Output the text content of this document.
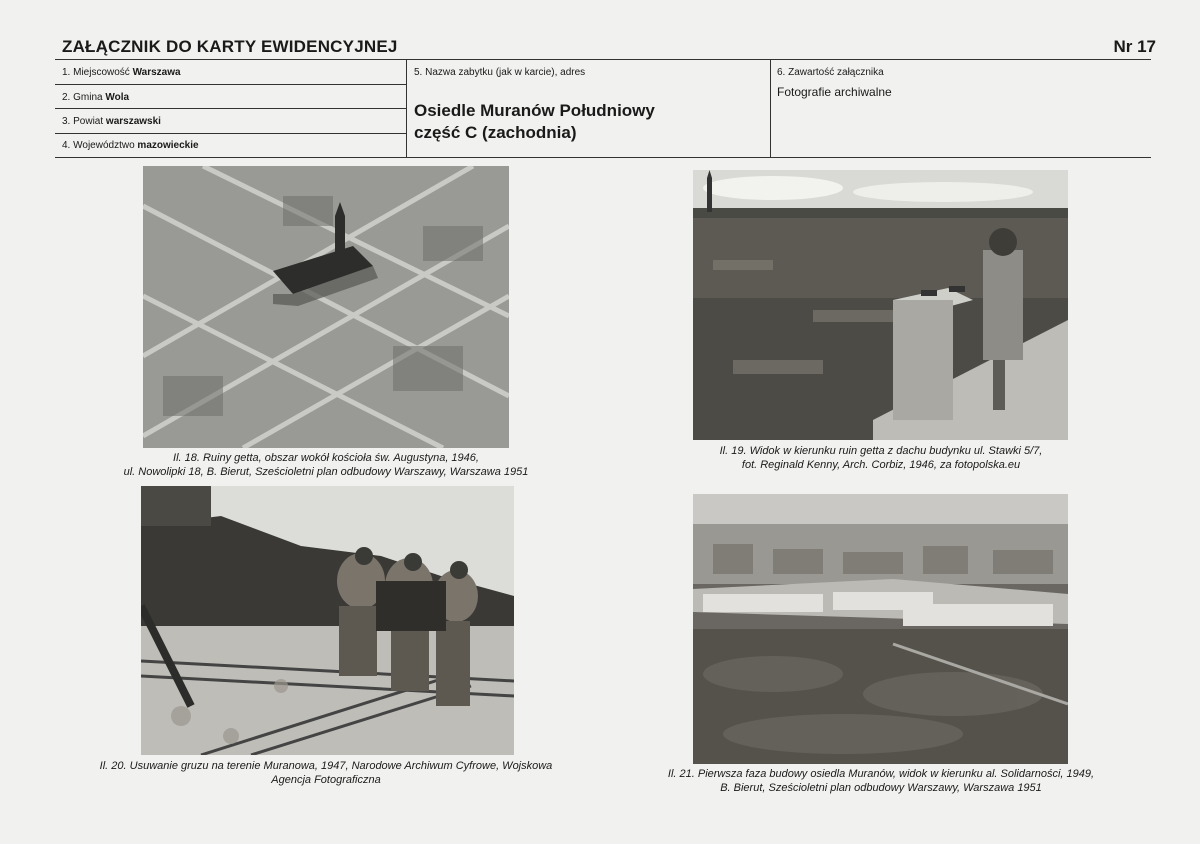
ZAŁĄCZNIK DO KARTY EWIDENCYJNEJ	Nr 17
1. Miejscowość Warszawa
2. Gmina Wola
3. Powiat warszawski
4. Województwo mazowieckie
5. Nazwa zabytku (jak w karcie), adres
Osiedle Muranów Południowy
część C (zachodnia)
6. Zawartość załącznika
Fotografie archiwalne
Il. 18. Ruiny getta, obszar wokół kościoła św. Augustyna, 1946,
ul. Nowolipki 18, B. Bierut, Sześcioletni plan odbudowy Warszawy, Warszawa 1951
Il. 19. Widok w kierunku ruin getta z dachu budynku ul. Stawki 5/7,
fot. Reginald Kenny, Arch. Corbiz, 1946, za fotopolska.eu
Il. 20. Usuwanie gruzu na terenie Muranowa, 1947, Narodowe Archiwum Cyfrowe, Wojskowa
Agencja Fotograficzna	Il. 21. Pierwsza faza budowy osiedla Muranów, widok w kierunku al. Solidarności, 1949,
B. Bierut, Sześcioletni plan odbudowy Warszawy, Warszawa 1951
